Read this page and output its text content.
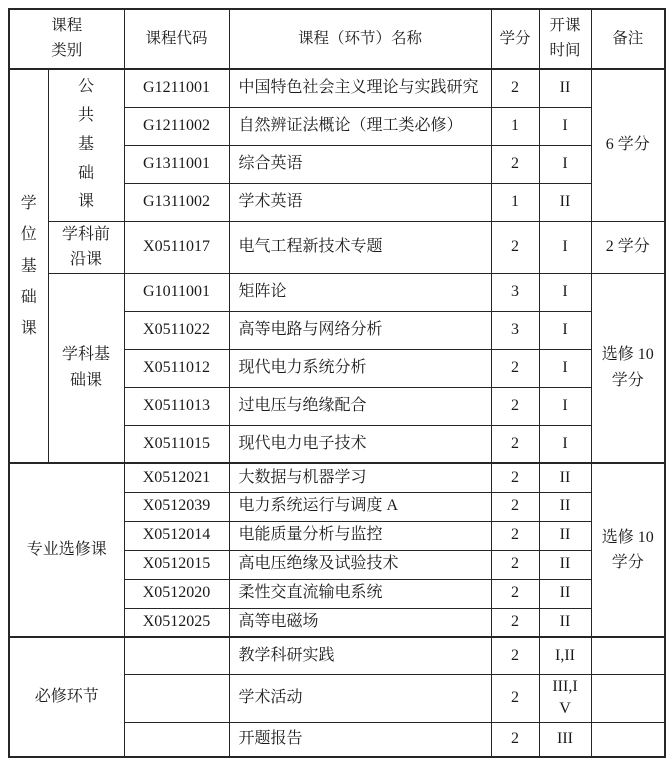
课程类别		课程代码	课程（环节）名称	学分	开课时间	备注
学位基础课	公共基础课	G1211001	中国特色社会主义理论与实践研究	2	II	6 学分
		G1211002	自然辨证法概论（理工类必修）	1	I	
		G1311001	综合英语	2	I	
		G1311002	学术英语	1	II	
	学科前沿课	X0511017	电气工程新技术专题	2	I	2 学分
	学科基础课	G1011001	矩阵论	3	I	选修 10 学分
		X0511022	高等电路与网络分析	3	I	
		X0511012	现代电力系统分析	2	I	
		X0511013	过电压与绝缘配合	2	I	
		X0511015	现代电力电子技术	2	I	
专业选修课		X0512021	大数据与机器学习	2	II	选修 10 学分
		X0512039	电力系统运行与调度 A	2	II	
		X0512014	电能质量分析与监控	2	II	
		X0512015	高电压绝缘及试验技术	2	II	
		X0512020	柔性交直流输电系统	2	II	
		X0512025	高等电磁场	2	II	
必修环节			教学科研实践	2	I,II	
			学术活动	2	III,IV	
			开题报告	2	III	
